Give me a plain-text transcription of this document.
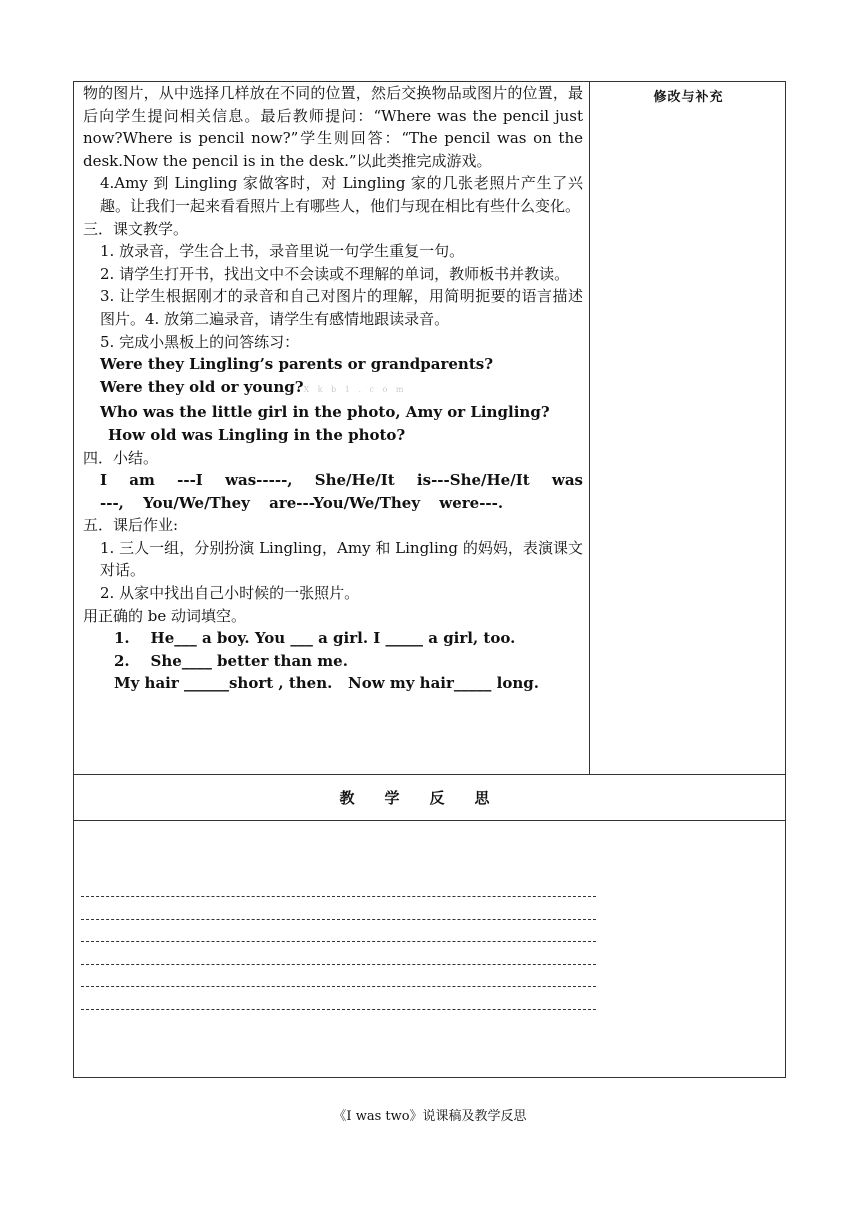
物的图片，从中选择几样放在不同的位置，然后交换物品或图片的位置，最后向学生提问相关信息。最后教师提问：“Where was the pencil just now?Where is pencil now?”学生则回答：“The pencil was on the desk.Now the pencil is in the desk.”以此类推完成游戏。

4.Amy 到 Lingling 家做客时，对 Lingling 家的几张老照片产生了兴趣。让我们一起来看看照片上有哪些人，他们与现在相比有些什么变化。

三．课文教学。

1. 放录音，学生合上书，录音里说一句学生重复一句。

2. 请学生打开书，找出文中不会读或不理解的单词，教师板书并教读。

3. 让学生根据刚才的录音和自己对图片的理解，用简明扼要的语言描述图片。4. 放第二遍录音，请学生有感情地跟读录音。

5. 完成小黑板上的问答练习：

Were they Lingling’s parents or grandparents?

Were they old or young?X k b 1 . c o m

Who was the little girl in the photo, Amy or Lingling?

How old was Lingling in the photo?

四．小结。

I am ---I was-----, She/He/It is---She/He/It was ---, You/We/They are---You/We/They were---.

五．课后作业:

1. 三人一组，分别扮演 Lingling，Amy 和 Lingling 的妈妈，表演课文对话。

2. 从家中找出自己小时候的一张照片。

用正确的 be 动词填空。

1.    He___ a boy. You ___ a girl. I _____ a girl, too.

2.    She____ better than me.

My hair ______short , then.   Now my hair_____ long.

修改与补充
教学反思
《I was two》说课稿及教学反思
